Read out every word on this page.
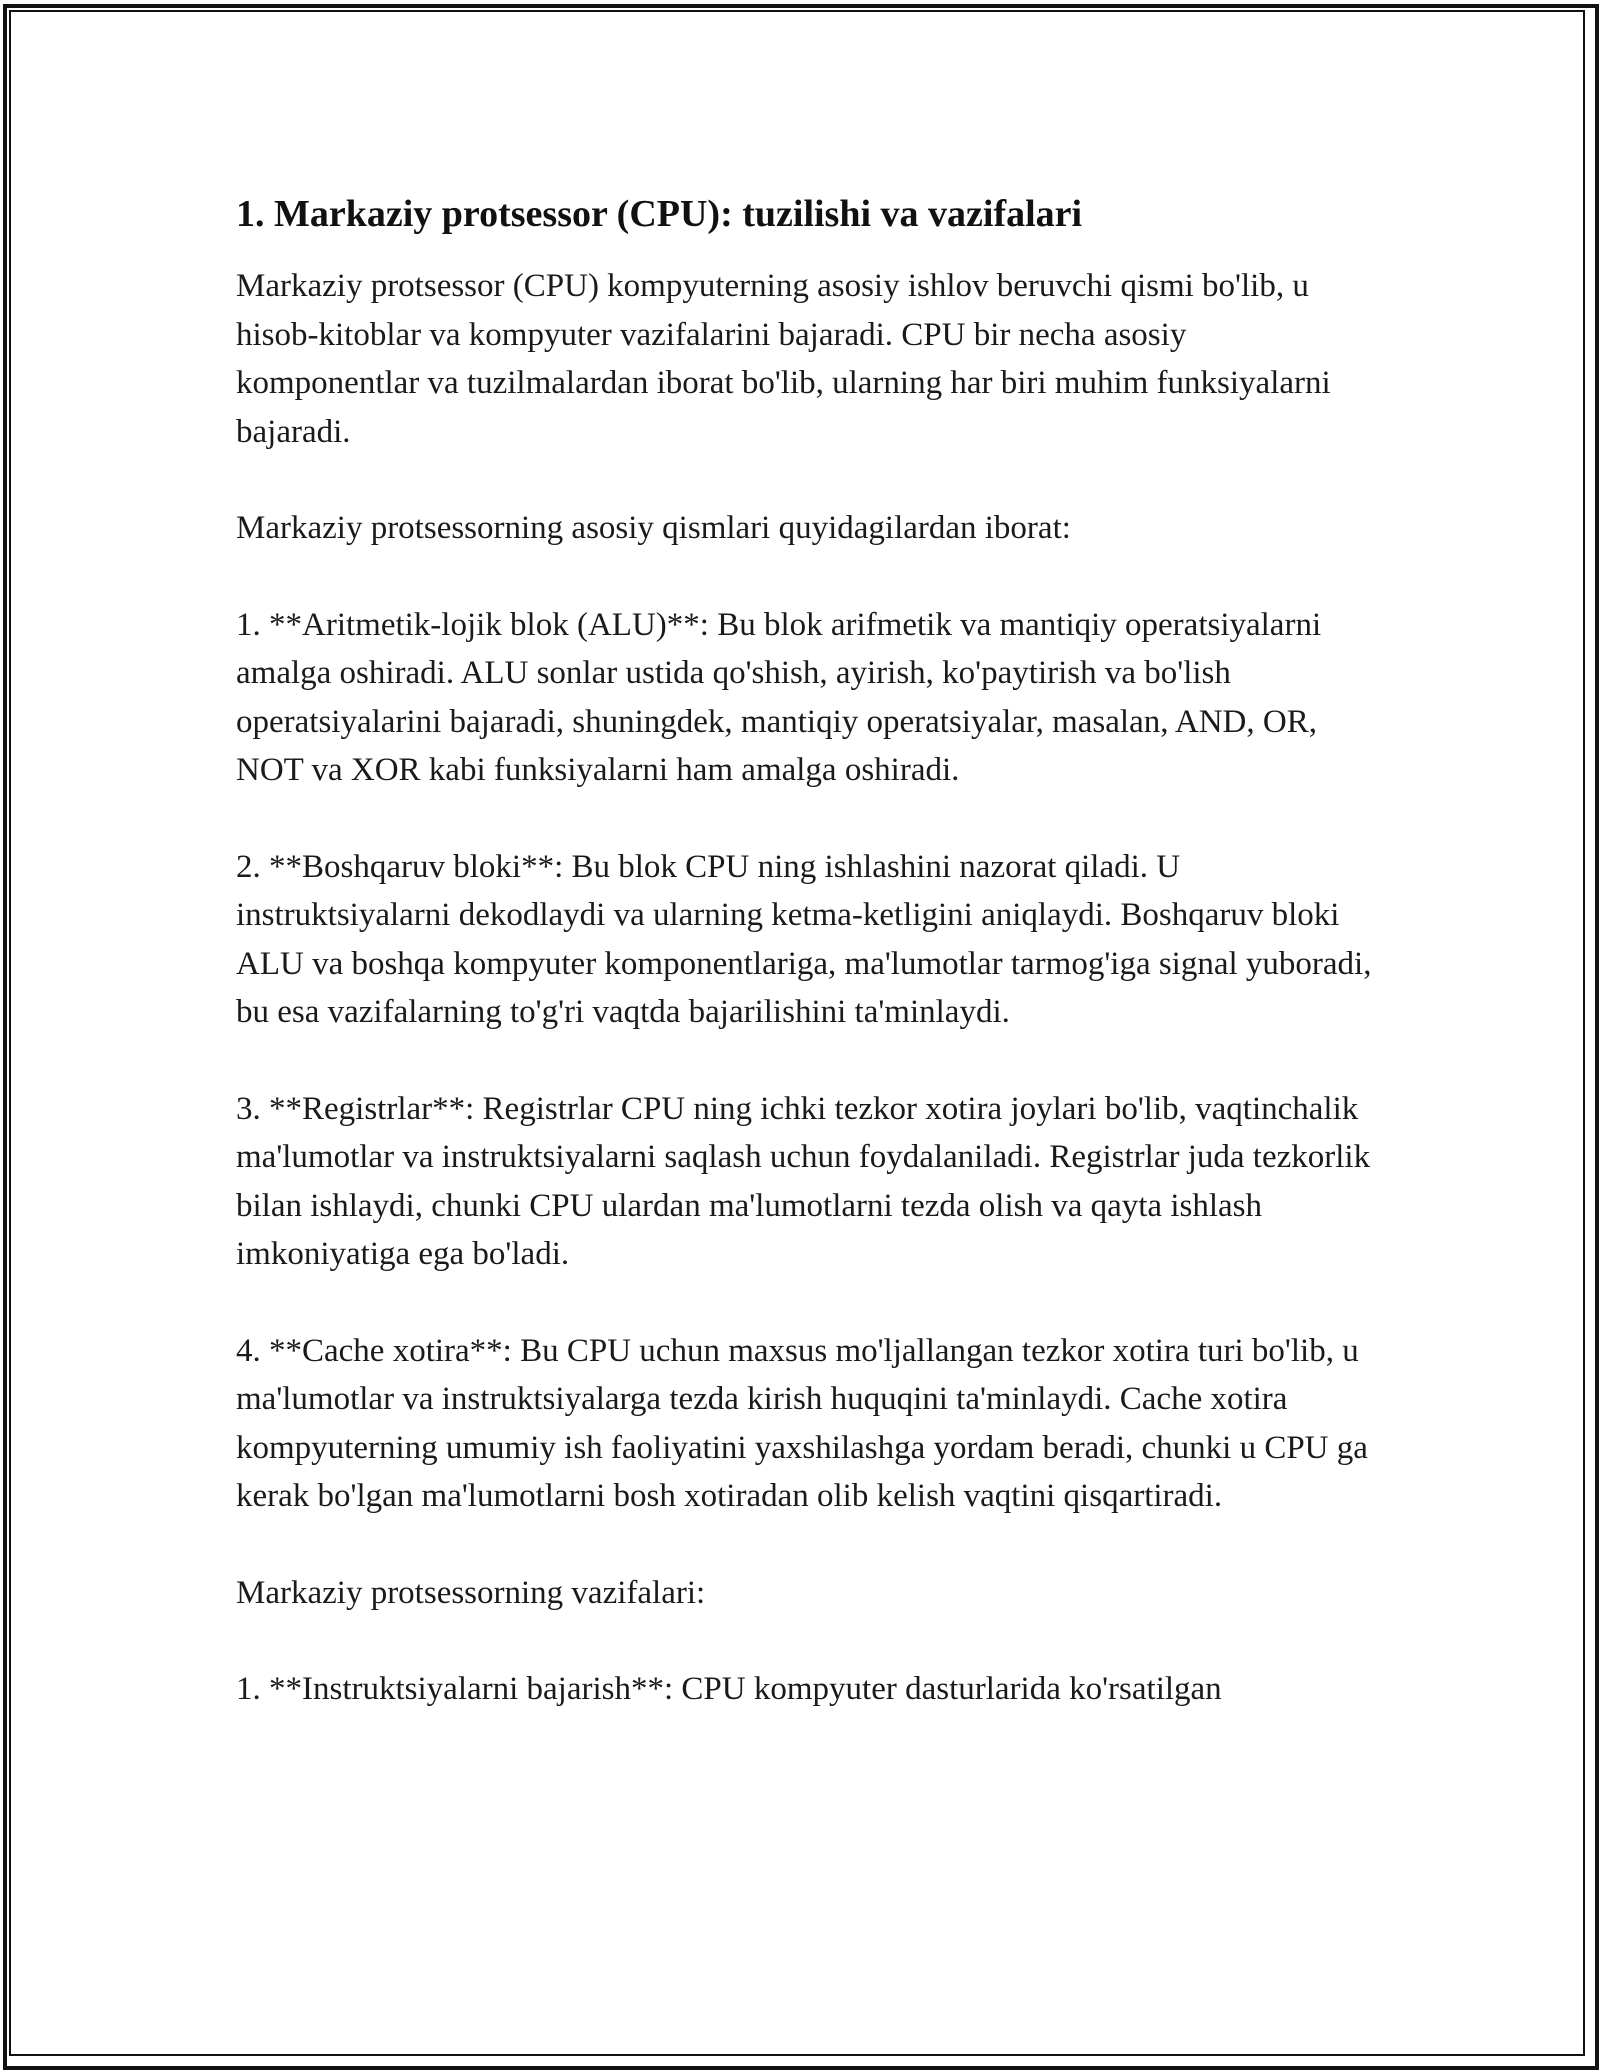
1. Markaziy protsessor (CPU): tuzilishi va vazifalari

Markaziy protsessor (CPU) kompyuterning asosiy ishlov beruvchi qismi bo'lib, u hisob-kitoblar va kompyuter vazifalarini bajaradi. CPU bir necha asosiy komponentlar va tuzilmalardan iborat bo'lib, ularning har biri muhim funksiyalarni bajaradi.

Markaziy protsessorning asosiy qismlari quyidagilardan iborat:

1. **Aritmetik-lojik blok (ALU)**: Bu blok arifmetik va mantiqiy operatsiyalarni amalga oshiradi. ALU sonlar ustida qo'shish, ayirish, ko'paytirish va bo'lish operatsiyalarini bajaradi, shuningdek, mantiqiy operatsiyalar, masalan, AND, OR, NOT va XOR kabi funksiyalarni ham amalga oshiradi.

2. **Boshqaruv bloki**: Bu blok CPU ning ishlashini nazorat qiladi. U instruktsiyalarni dekodlaydi va ularning ketma-ketligini aniqlaydi. Boshqaruv bloki ALU va boshqa kompyuter komponentlariga, ma'lumotlar tarmog'iga signal yuboradi, bu esa vazifalarning to'g'ri vaqtda bajarilishini ta'minlaydi.

3. **Registrlar**: Registrlar CPU ning ichki tezkor xotira joylari bo'lib, vaqtinchalik ma'lumotlar va instruktsiyalarni saqlash uchun foydalaniladi. Registrlar juda tezkorlik bilan ishlaydi, chunki CPU ulardan ma'lumotlarni tezda olish va qayta ishlash imkoniyatiga ega bo'ladi.

4. **Cache xotira**: Bu CPU uchun maxsus mo'ljallangan tezkor xotira turi bo'lib, u ma'lumotlar va instruktsiyalarga tezda kirish huquqini ta'minlaydi. Cache xotira kompyuterning umumiy ish faoliyatini yaxshilashga yordam beradi, chunki u CPU ga kerak bo'lgan ma'lumotlarni bosh xotiradan olib kelish vaqtini qisqartiradi.

Markaziy protsessorning vazifalari:

1. **Instruktsiyalarni bajarish**: CPU kompyuter dasturlarida ko'rsatilgan
